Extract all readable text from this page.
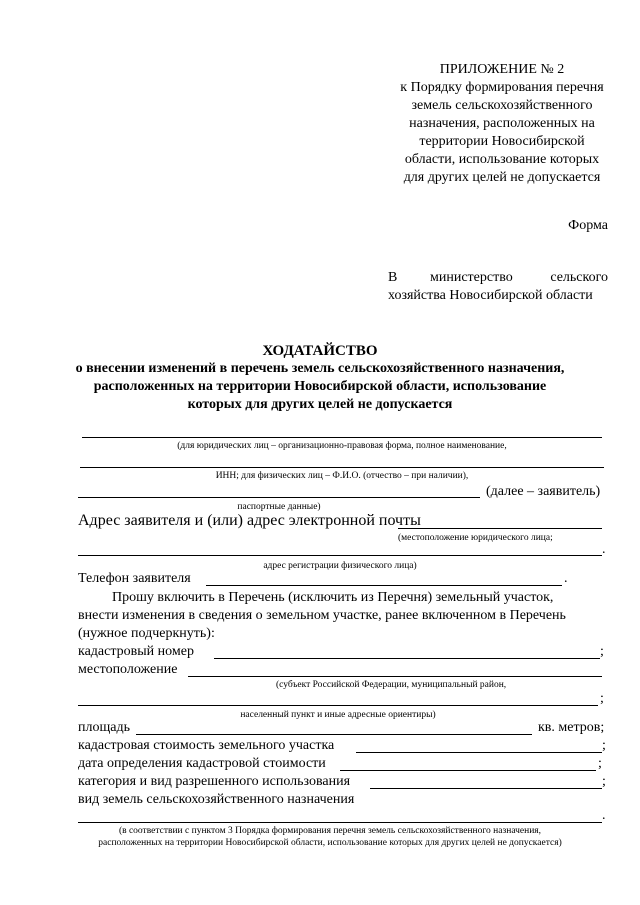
ПРИЛОЖЕНИЕ № 2
к Порядку формирования перечня
земель сельскохозяйственного
назначения, расположенных на
территории Новосибирской
области, использование которых
для других целей не допускается
Форма
В министерство	сельского
хозяйства Новосибирской области
ХОДАТАЙСТВО
о внесении изменений в перечень земель сельскохозяйственного назначения,
расположенных на территории Новосибирской области, использование
которых для других целей не допускается
(для юридических лиц – организационно-правовая форма, полное наименование,
ИНН; для физических лиц – Ф.И.О. (отчество – при наличии),
(далее – заявитель)
паспортные данные)
Адрес заявителя и (или) адрес электронной почты
(местоположение юридического лица;
.
адрес регистрации физического лица)
Телефон заявителя	.
Прошу включить в Перечень (исключить из Перечня) земельный участок,
внести изменения в сведения о земельном участке, ранее включенном в Перечень
(нужное подчеркнуть):
кадастровый номер	;
местоположение
(субъект Российской Федерации, муниципальный район,
;
населенный пункт и иные адресные ориентиры)
площадь	кв. метров;
кадастровая стоимость земельного участка	;
дата определения кадастровой стоимости	;
категория и вид разрешенного использования	;
вид земель сельскохозяйственного назначения
.
(в соответствии с пунктом 3 Порядка формирования перечня земель сельскохозяйственного назначения,
расположенных на территории Новосибирской области, использование которых для других целей не допускается)
